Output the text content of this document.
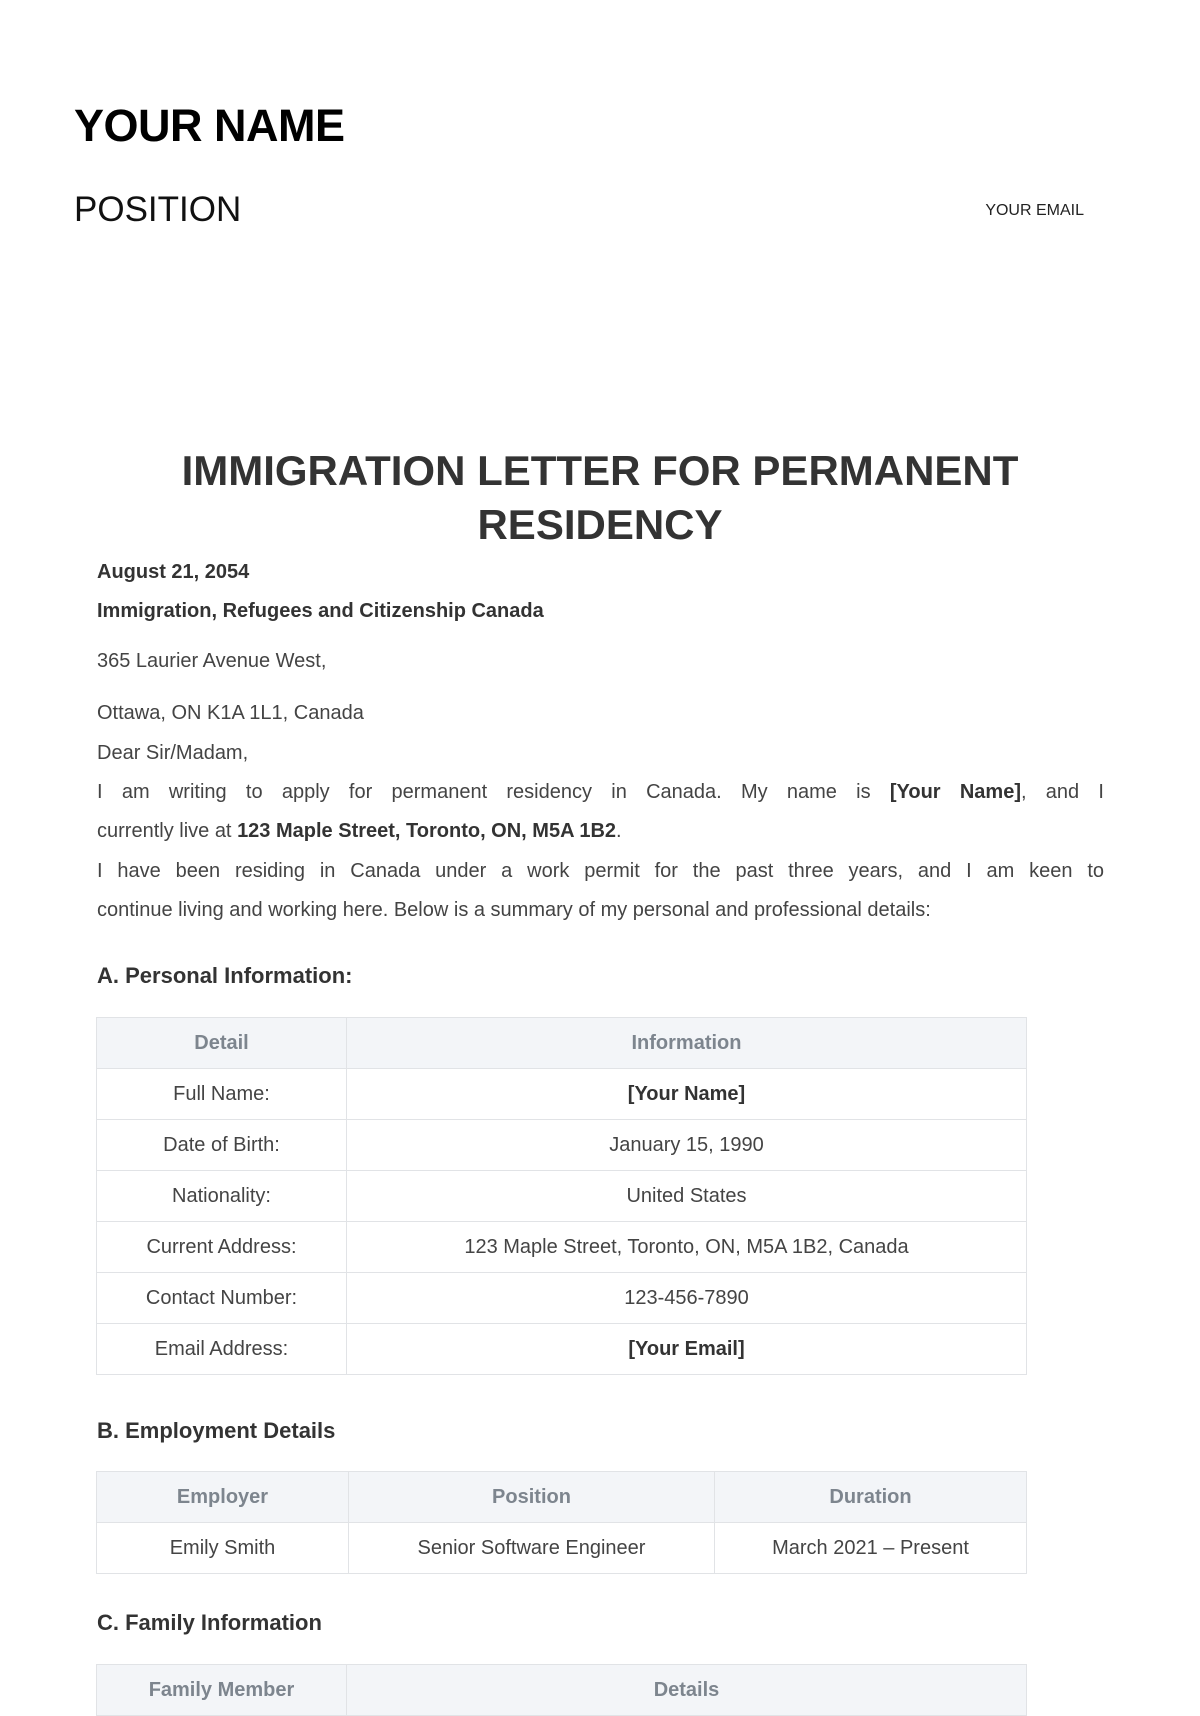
YOUR NAME
POSITION	YOUR EMAIL
IMMIGRATION LETTER FOR PERMANENT RESIDENCY
August 21, 2054
Immigration, Refugees and Citizenship Canada
365 Laurier Avenue West,
Ottawa, ON K1A 1L1, Canada
Dear Sir/Madam,
I am writing to apply for permanent residency in Canada. My name is [Your Name], and I
currently live at 123 Maple Street, Toronto, ON, M5A 1B2.
I have been residing in Canada under a work permit for the past three years, and I am keen to
continue living and working here. Below is a summary of my personal and professional details:
A. Personal Information:
Detail	Information
Full Name:	[Your Name]
Date of Birth:	January 15, 1990
Nationality:	United States
Current Address:	123 Maple Street, Toronto, ON, M5A 1B2, Canada
Contact Number:	123-456-7890
Email Address:	[Your Email]
B. Employment Details
Employer	Position	Duration
Emily Smith	Senior Software Engineer	March 2021 – Present
C. Family Information
Family Member	Details
